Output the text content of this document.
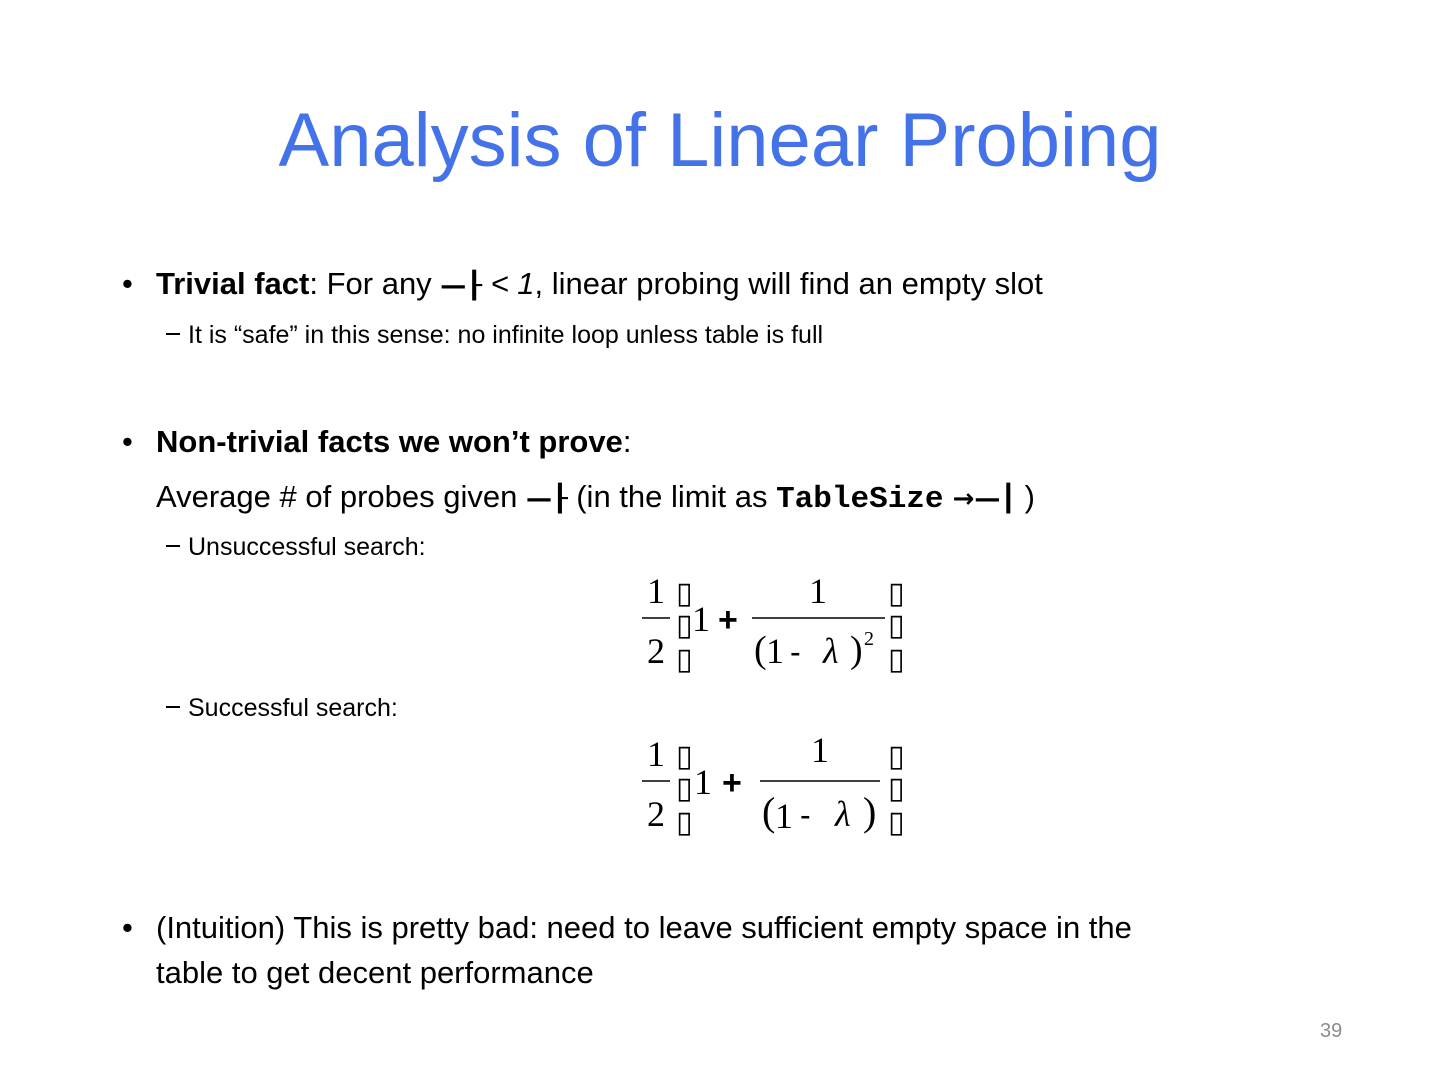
Analysis of Linear Probing
• Trivial fact: For any —┠ < 1, linear probing will find an empty slot
It is “safe” in this sense: no infinite loop unless table is full
• Non-trivial facts we won’t prove:
Average # of probes given —┠ (in the limit as TableSize →—┃ )
Unsuccessful search:
1
2
▯
▯
▯
1 +
1
( 1 - λ ) 2
▯
▯
▯
Successful search:
1
2
▯
▯
▯
1 +
1
( 1 - λ )
▯
▯
▯
• (Intuition) This is pretty bad: need to leave sufficient empty space in the
table to get decent performance
39
